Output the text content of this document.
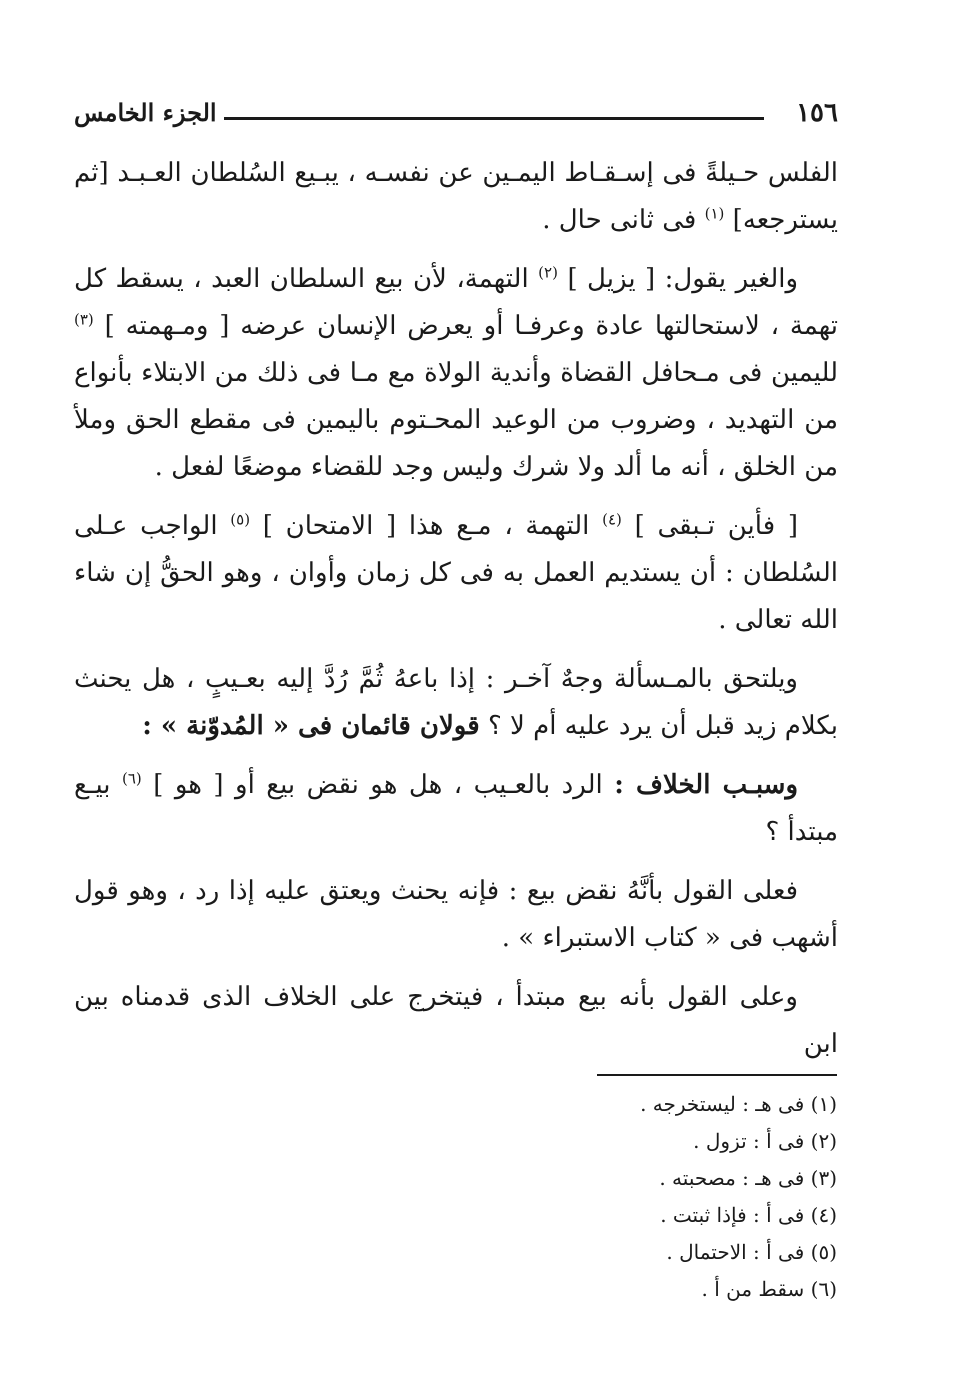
١٥٦
الجزء الخامس

الفلس حـيلةً فى إسـقـاط اليمـين عن نفسـه ، يبـيع السُلطان العـبـد [ثم يسترجعه] $^{(١)}$ فى ثانى حال .

والغير يقول: [ يزيل ] $^{(٢)}$ التهمة، لأن بيع السلطان العبد ، يسقط كل تهمة ، لاستحالتها عادة وعرفـا أو يعرض الإنسان عرضه [ ومـهمته ] $^{(٣)}$ لليمين فى مـحافل القضاة وأندية الولاة مع مـا فى ذلك من الابتلاء بأنواع من التهديد ، وضروب من الوعيد المحـتوم باليمين فى مقطع الحق وملأ من الخلق ، أنه ما ألد ولا شرك وليس وجد للقضاء موضعًا لفعل .

[ فأين تـبقى ] $^{(٤)}$ التهمة ، مـع هذا [ الامتحان ] $^{(٥)}$ الواجب عـلى السُلطان : أن يستديم العمل به فى كل زمان وأوان ، وهو الحقُّ إن شاء الله تعالى .

ويلتحق بالمـسألة وجهٌ آخـر : إذا باعهُ ثُمَّ رُدَّ إليه بعـيبٍ ، هل يحنث بكلام زيد قبل أن يرد عليه أم لا ؟ قولان قائمان فى « المُدوّنة » :

وسبـب الخلاف : الرد بالعـيب ، هل هو نقض بيع أو [ هو ] $^{(٦)}$ بيـع مبتدأ ؟

فعلى القول بأنَّهُ نقض بيع : فإنه يحنث ويعتق عليه إذا رد ، وهو قول أشهب فى « كتاب الاستبراء » .

وعلى القول بأنه بيع مبتدأ ، فيتخرج على الخلاف الذى قدمناه بين ابن

(١) فى هـ : ليستخرجه .
(٢) فى أ : تزول .
(٣) فى هـ : مصحبته .
(٤) فى أ : فإذا ثبتت .
(٥) فى أ : الاحتمال .
(٦) سقط من أ .
